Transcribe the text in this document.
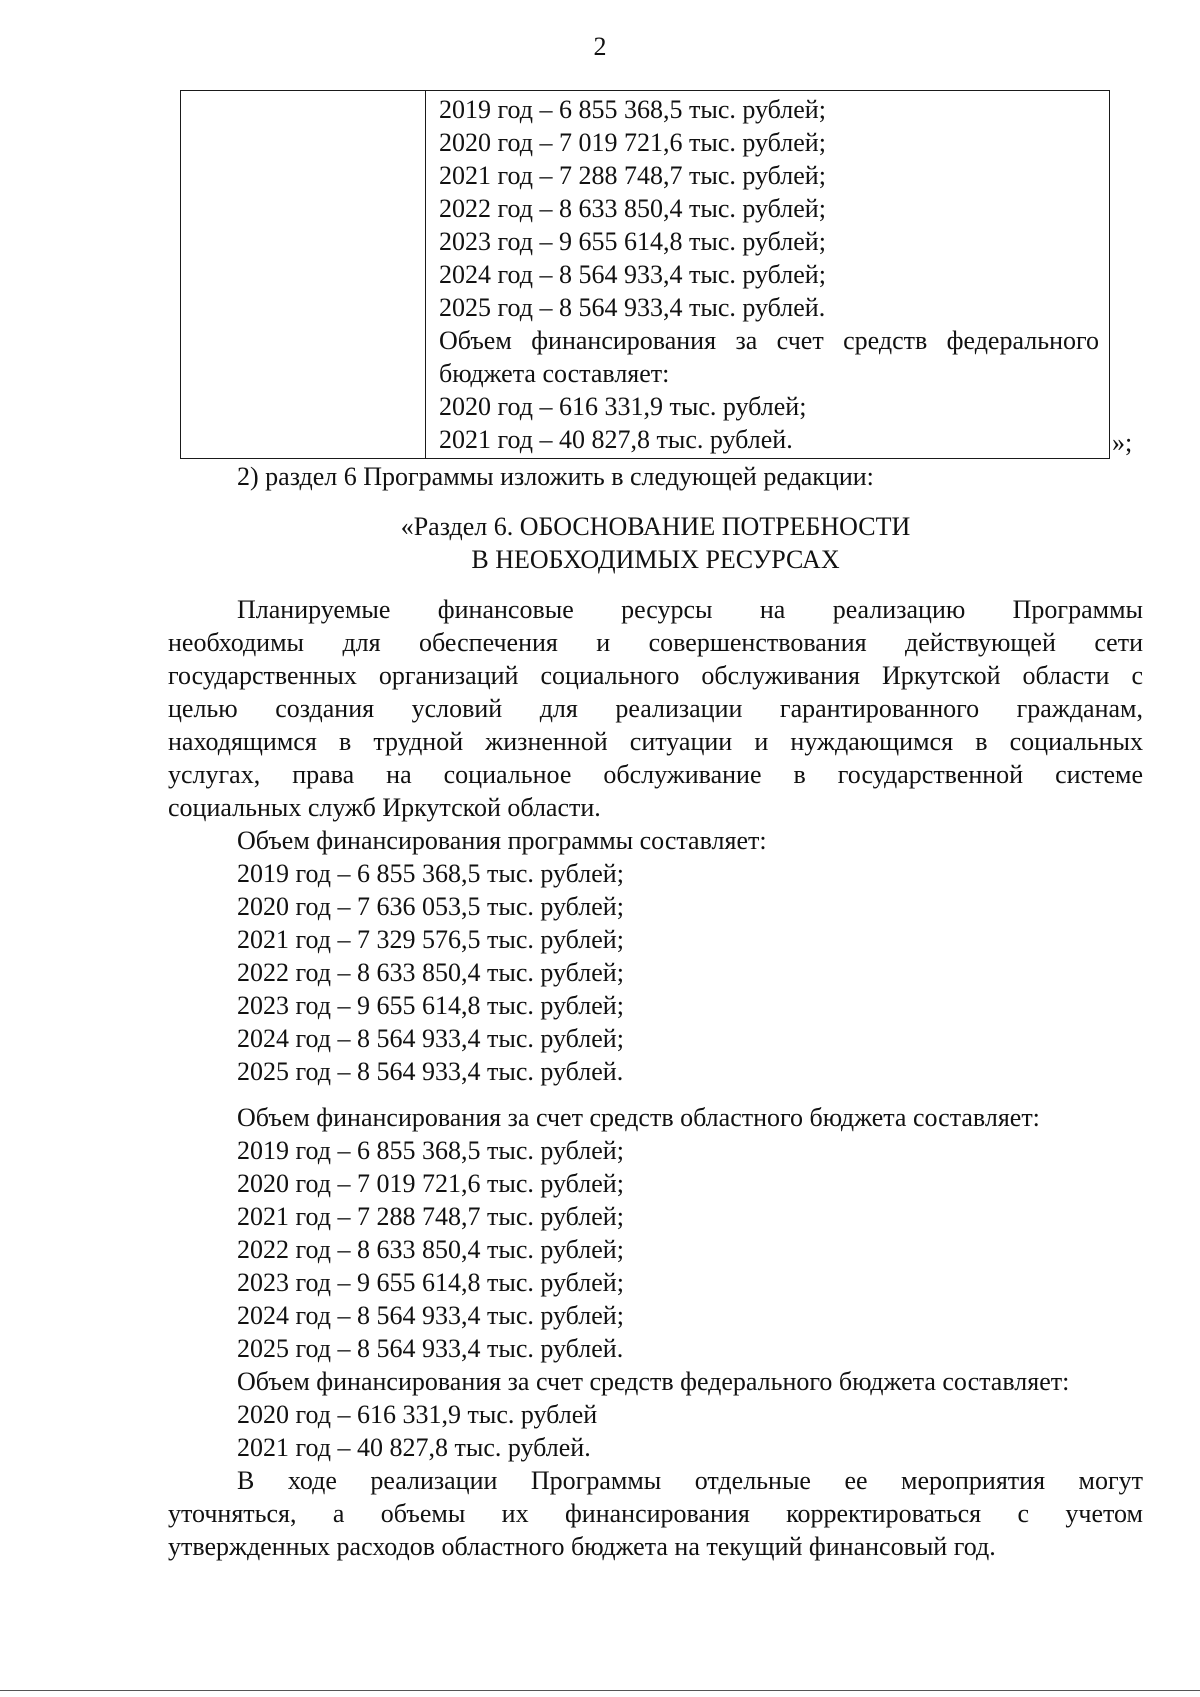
2
2019 год – 6 855 368,5 тыс. рублей;
2020 год – 7 019 721,6 тыс. рублей;
2021 год – 7 288 748,7 тыс. рублей;
2022 год – 8 633 850,4 тыс. рублей;
2023 год – 9 655 614,8 тыс. рублей;
2024 год – 8 564 933,4 тыс. рублей;
2025 год – 8 564 933,4 тыс. рублей.
Объем финансирования за счет средств федерального
бюджета составляет:
2020 год – 616 331,9 тыс. рублей;
2021 год – 40 827,8 тыс. рублей.	»;
2) раздел 6 Программы изложить в следующей редакции:
«Раздел 6. ОБОСНОВАНИЕ ПОТРЕБНОСТИ
В НЕОБХОДИМЫХ РЕСУРСАХ
Планируемые финансовые ресурсы на реализацию Программы
необходимы для обеспечения и совершенствования действующей сети
государственных организаций социального обслуживания Иркутской области с
целью создания условий для реализации гарантированного гражданам,
находящимся в трудной жизненной ситуации и нуждающимся в социальных
услугах, права на социальное обслуживание в государственной системе
социальных служб Иркутской области.
Объем финансирования программы составляет:
2019 год – 6 855 368,5 тыс. рублей;
2020 год – 7 636 053,5 тыс. рублей;
2021 год – 7 329 576,5 тыс. рублей;
2022 год – 8 633 850,4 тыс. рублей;
2023 год – 9 655 614,8 тыс. рублей;
2024 год – 8 564 933,4 тыс. рублей;
2025 год – 8 564 933,4 тыс. рублей.
Объем финансирования за счет средств областного бюджета составляет:
2019 год – 6 855 368,5 тыс. рублей;
2020 год – 7 019 721,6 тыс. рублей;
2021 год – 7 288 748,7 тыс. рублей;
2022 год – 8 633 850,4 тыс. рублей;
2023 год – 9 655 614,8 тыс. рублей;
2024 год – 8 564 933,4 тыс. рублей;
2025 год – 8 564 933,4 тыс. рублей.
Объем финансирования за счет средств федерального бюджета составляет:
2020 год – 616 331,9 тыс. рублей
2021 год – 40 827,8 тыс. рублей.
В ходе реализации Программы отдельные ее мероприятия могут
уточняться, а объемы их финансирования корректироваться с учетом
утвержденных расходов областного бюджета на текущий финансовый год.
